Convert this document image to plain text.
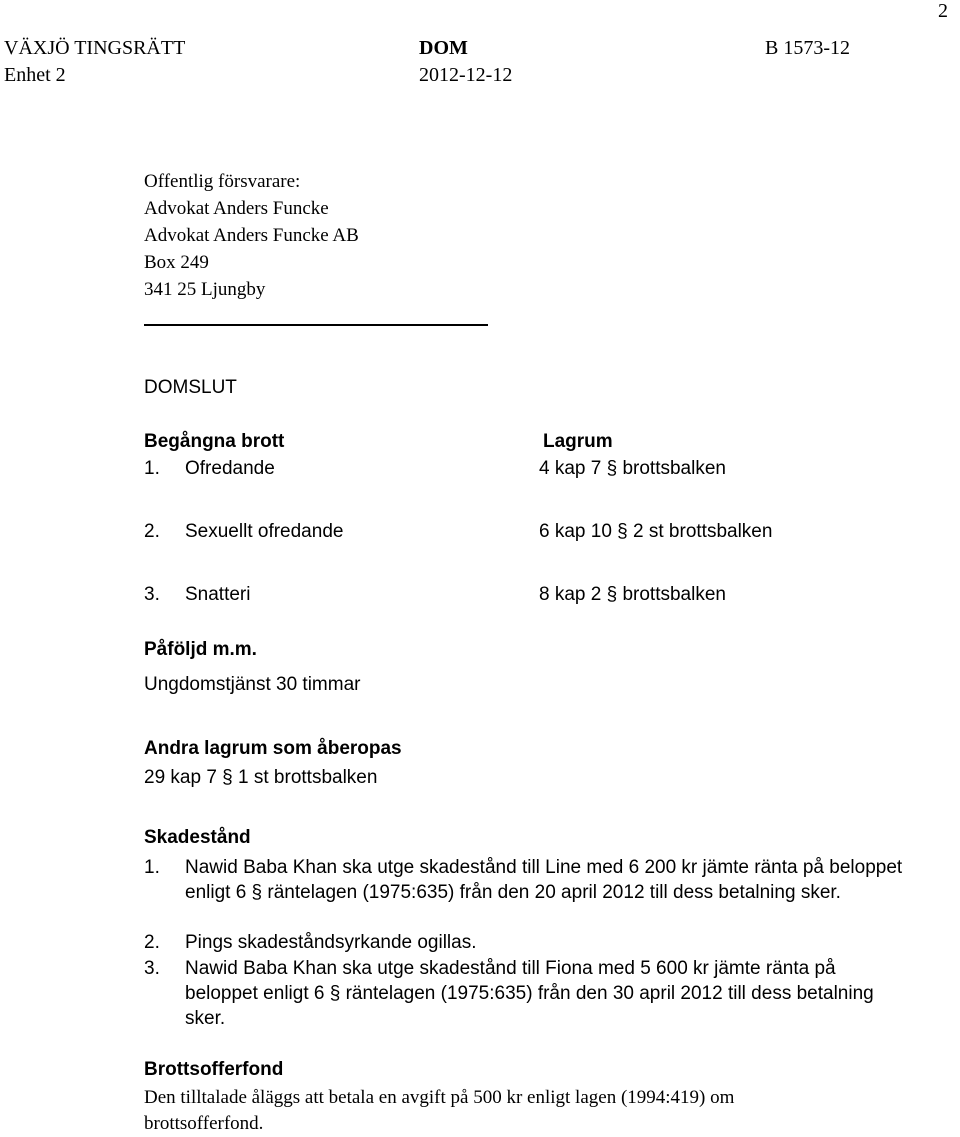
2
VÄXJÖ TINGSRÄTT
Enhet 2
DOM
2012-12-12
B 1573-12
Offentlig försvarare:
Advokat Anders Funcke
Advokat Anders Funcke AB
Box 249
341 25 Ljungby
DOMSLUT
Begångna brott	Lagrum
1. Ofredande	4 kap 7 § brottsbalken
2. Sexuellt ofredande	6 kap 10 § 2 st brottsbalken
3. Snatteri	8 kap 2 § brottsbalken
Påföljd m.m.
Ungdomstjänst 30 timmar
Andra lagrum som åberopas
29 kap 7 § 1 st brottsbalken
Skadestånd
1. Nawid Baba Khan ska utge skadestånd till Line med 6 200 kr jämte ränta på beloppet enligt 6 § räntelagen (1975:635) från den 20 april 2012 till dess betalning sker.
2. Pings skadeståndsyrkande ogillas.
3. Nawid Baba Khan ska utge skadestånd till Fiona med 5 600 kr jämte ränta på beloppet enligt 6 § räntelagen (1975:635) från den 30 april 2012 till dess betalning sker.
Brottsofferfond
Den tilltalade åläggs att betala en avgift på 500 kr enligt lagen (1994:419) om brottsofferfond.
